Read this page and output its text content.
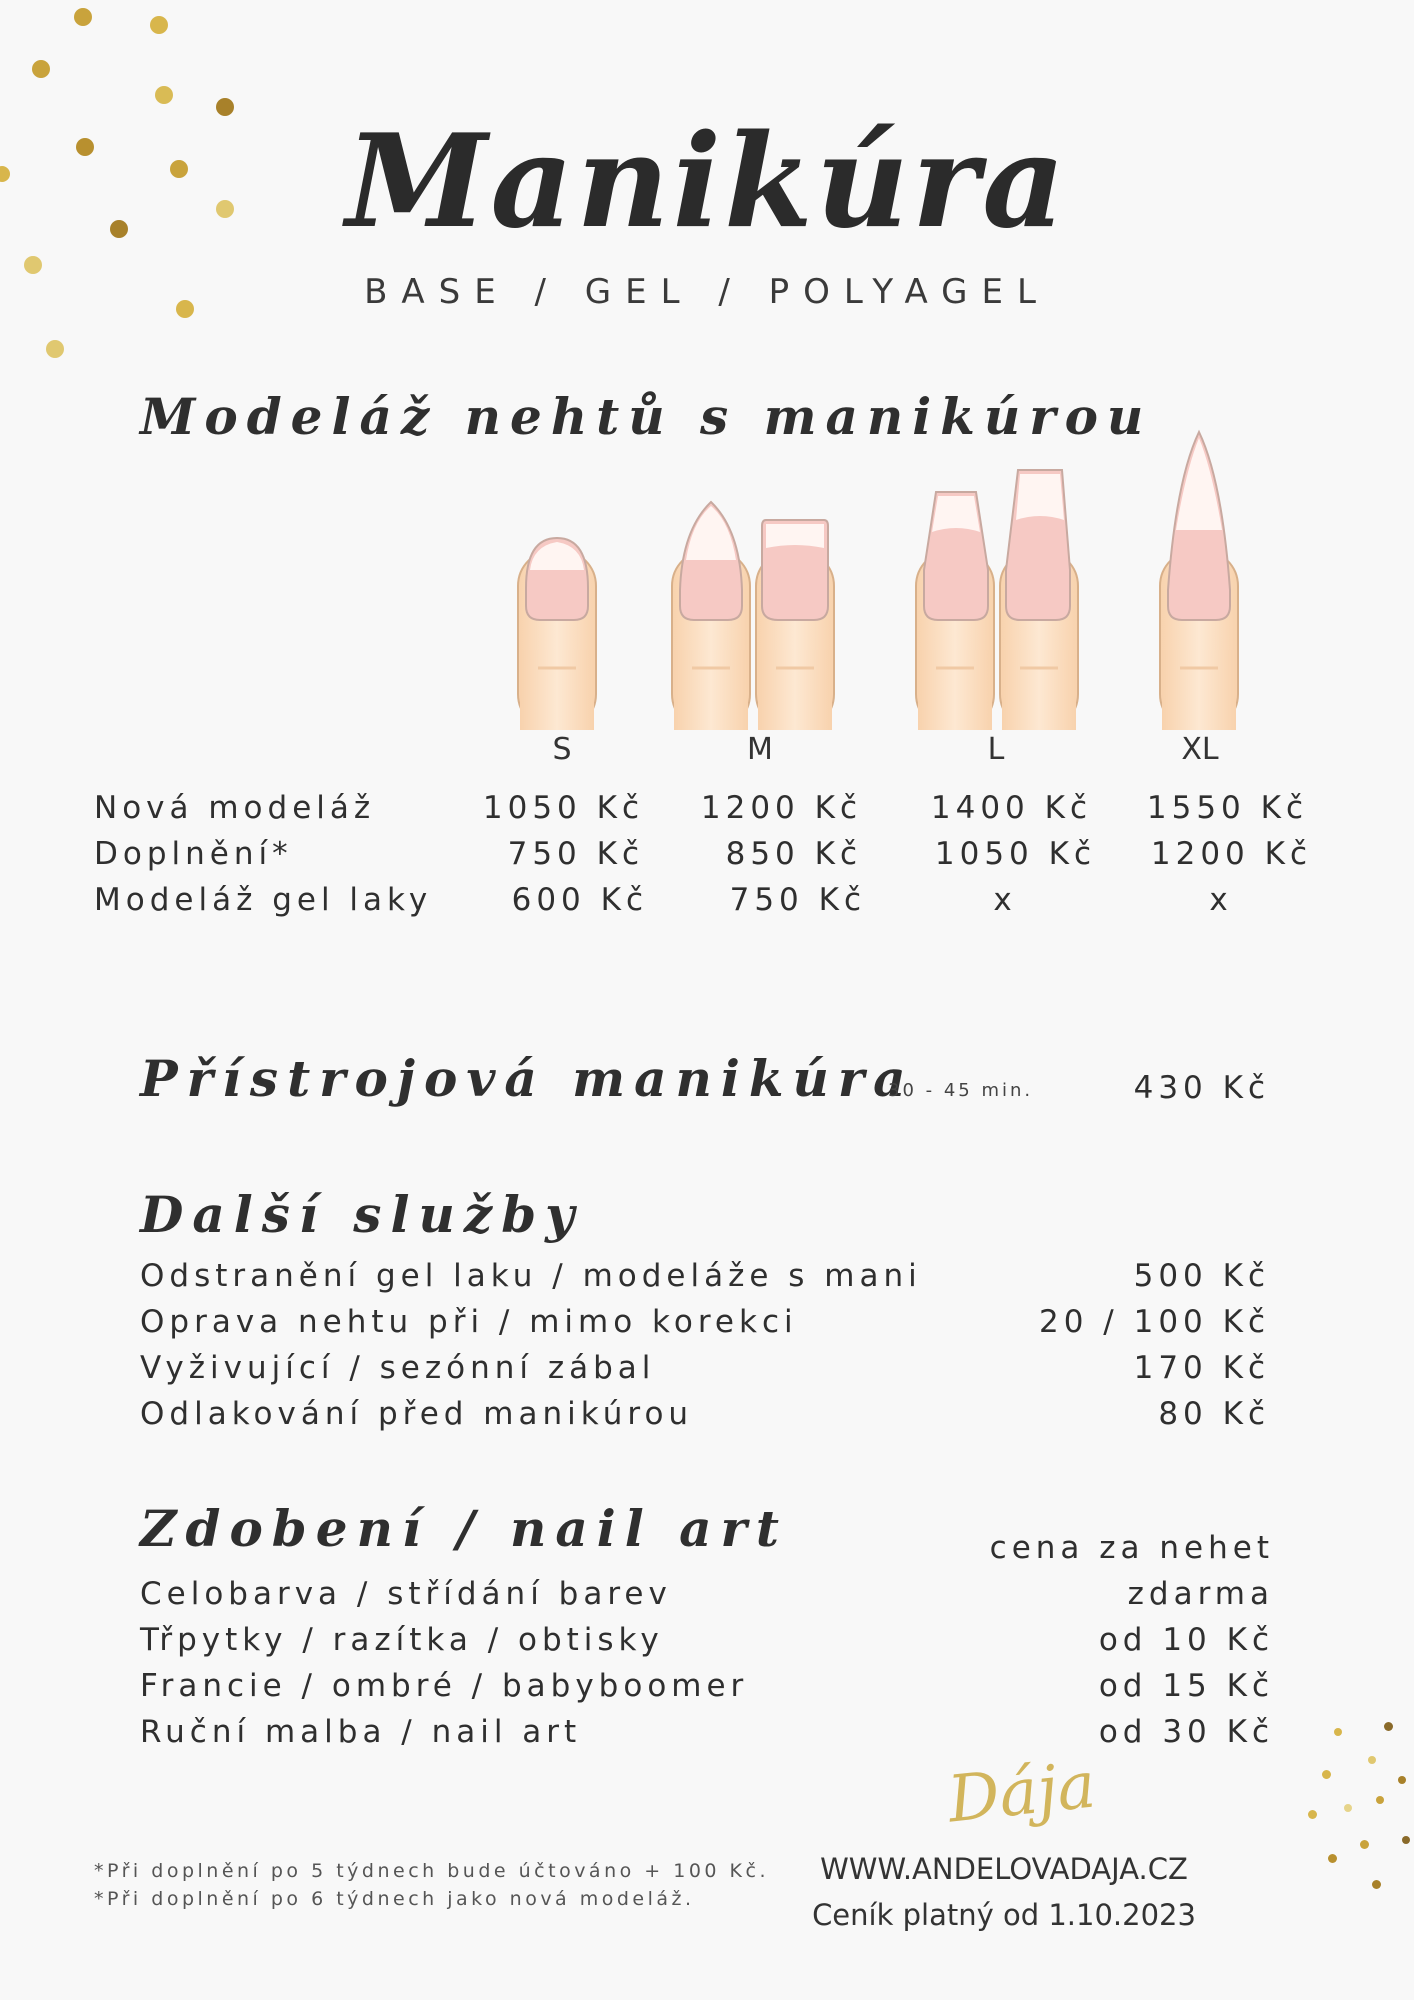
Manikúra
BASE / GEL / POLYAGEL
Modeláž nehtů s manikúrou
S	M	L	XL
Nová modeláž	1050 Kč 1200 Kč 1400 Kč 1550 Kč
Doplnění*	750 Kč	850 Kč 1050 Kč 1200 Kč
Modeláž gel laky	600 Kč	750 Kč	x	x
Přístrojová manikúra
30 - 45 min.	430 Kč
Další služby
Odstranění gel laku / modeláže s mani	500 Kč
Oprava nehtu při / mimo korekci	20 / 100 Kč
Vyživující / sezónní zábal	170 Kč
Odlakování před manikúrou	80 Kč
Zdobení / nail art	cena za nehet
Celobarva / střídání barev	zdarma
Třpytky / razítka / obtisky	od 10 Kč
Francie / ombré / babyboomer	od 15 Kč
Ruční malba / nail art	od 30 Kč
Dája
*Při doplnění po 5 týdnech bude účtováno + 100 Kč.
*Při doplnění po 6 týdnech jako nová modeláž.
WWW.ANDELOVADAJA.CZ
Ceník platný od 1.10.2023
